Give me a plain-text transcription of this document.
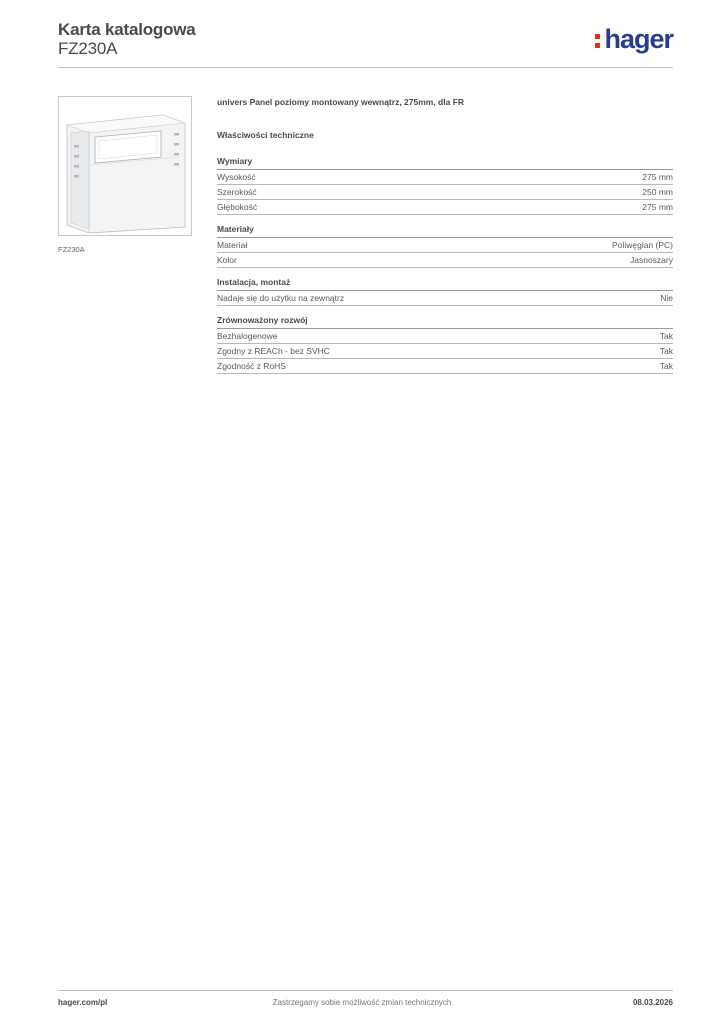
Karta katalogowa
FZ230A	hager
FZ230A
univers Panel poziomy montowany wewnątrz, 275mm, dla FR
Właściwości techniczne
Wymiary
Wysokość	275 mm
Szerokość	250 mm
Głębokość	275 mm
Materiały
Materiał	Poliwęglan (PC)
Kolor	Jasnoszary
Instalacja, montaż
Nadaje się do użytku na zewnątrz	Nie
Zrównoważony rozwój
Bezhalogenowe	Tak
Zgodny z REACh - bez SVHC	Tak
Zgodność z RoHS	Tak
hager.com/pl	Zastrzegamy sobie możliwość zmian technicznych	08.03.2026
